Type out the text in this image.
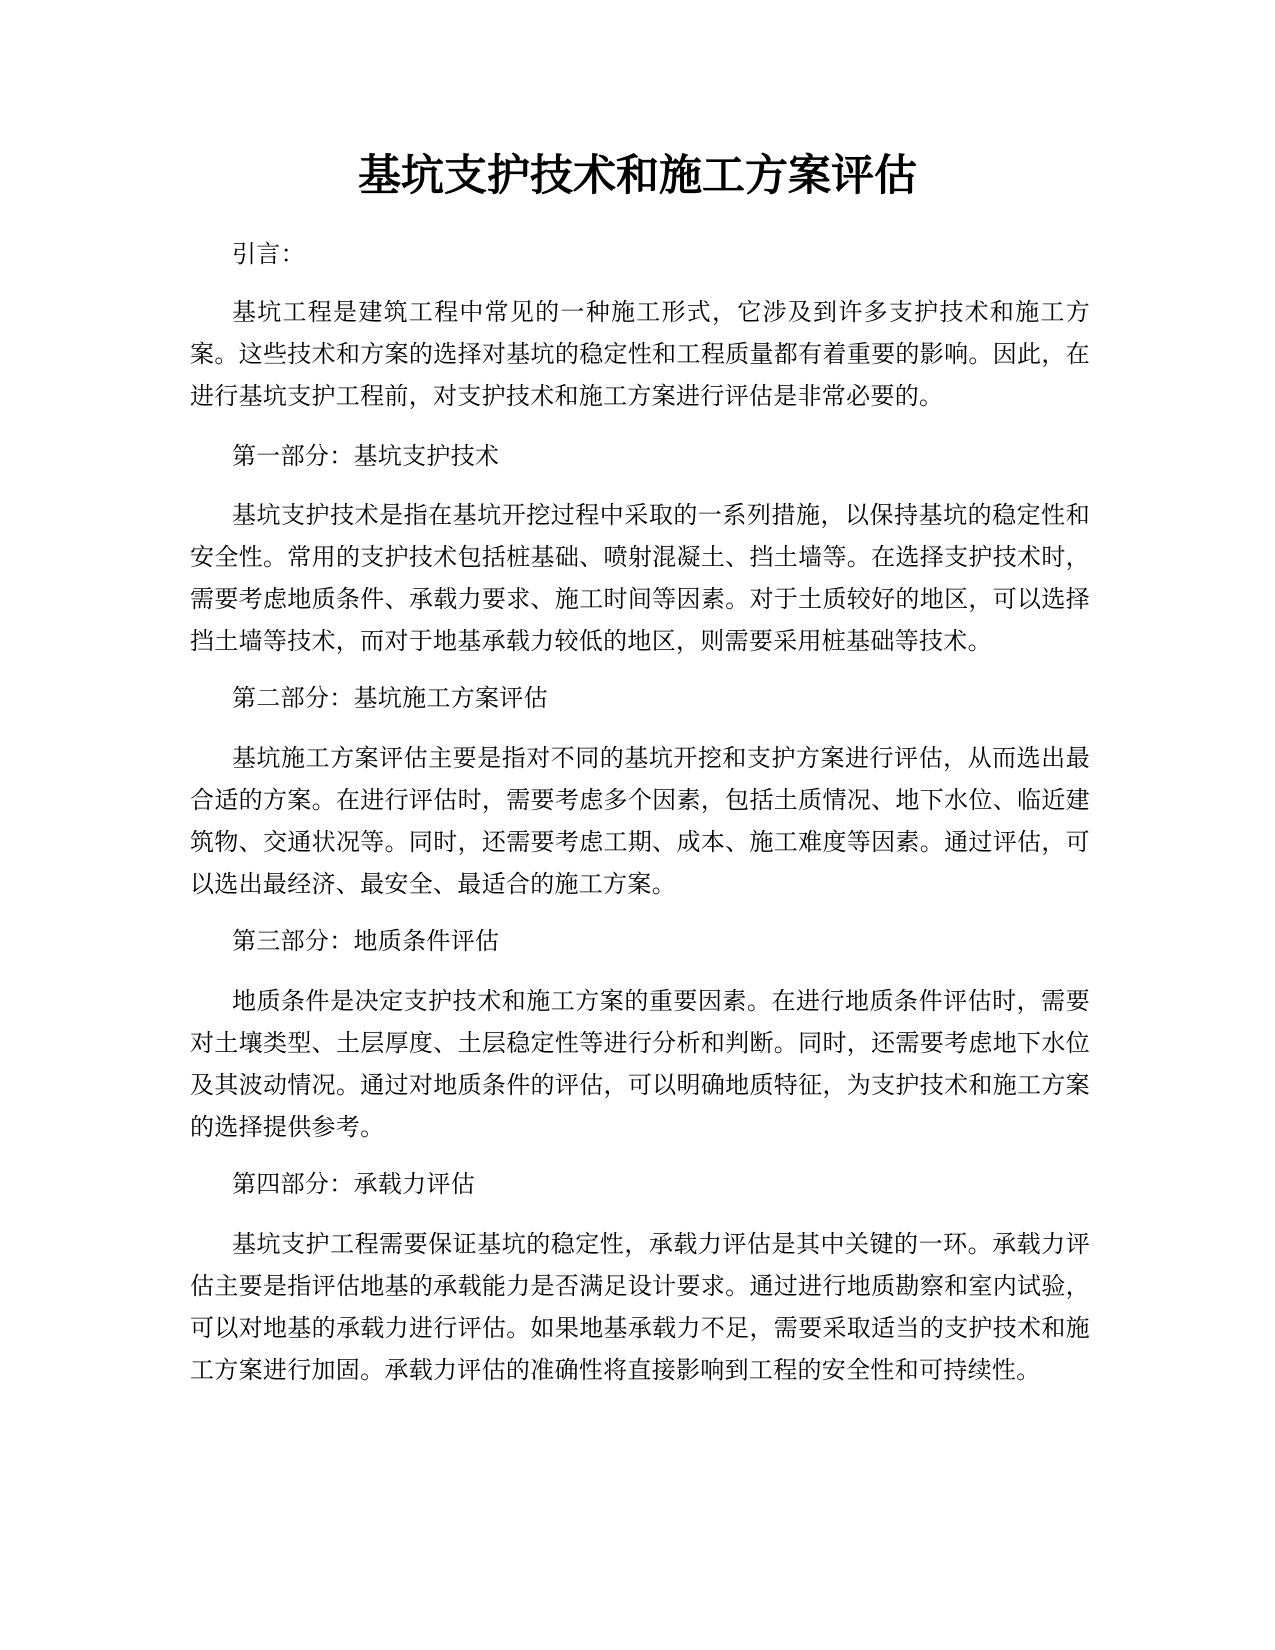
基坑支护技术和施工方案评估

引言：

基坑工程是建筑工程中常见的一种施工形式，它涉及到许多支护技术和施工方案。这些技术和方案的选择对基坑的稳定性和工程质量都有着重要的影响。因此，在进行基坑支护工程前，对支护技术和施工方案进行评估是非常必要的。

第一部分：基坑支护技术

基坑支护技术是指在基坑开挖过程中采取的一系列措施，以保持基坑的稳定性和安全性。常用的支护技术包括桩基础、喷射混凝土、挡土墙等。在选择支护技术时，需要考虑地质条件、承载力要求、施工时间等因素。对于土质较好的地区，可以选择挡土墙等技术，而对于地基承载力较低的地区，则需要采用桩基础等技术。

第二部分：基坑施工方案评估

基坑施工方案评估主要是指对不同的基坑开挖和支护方案进行评估，从而选出最合适的方案。在进行评估时，需要考虑多个因素，包括土质情况、地下水位、临近建筑物、交通状况等。同时，还需要考虑工期、成本、施工难度等因素。通过评估，可以选出最经济、最安全、最适合的施工方案。

第三部分：地质条件评估

地质条件是决定支护技术和施工方案的重要因素。在进行地质条件评估时，需要对土壤类型、土层厚度、土层稳定性等进行分析和判断。同时，还需要考虑地下水位及其波动情况。通过对地质条件的评估，可以明确地质特征，为支护技术和施工方案的选择提供参考。

第四部分：承载力评估

基坑支护工程需要保证基坑的稳定性，承载力评估是其中关键的一环。承载力评估主要是指评估地基的承载能力是否满足设计要求。通过进行地质勘察和室内试验，可以对地基的承载力进行评估。如果地基承载力不足，需要采取适当的支护技术和施工方案进行加固。承载力评估的准确性将直接影响到工程的安全性和可持续性。
